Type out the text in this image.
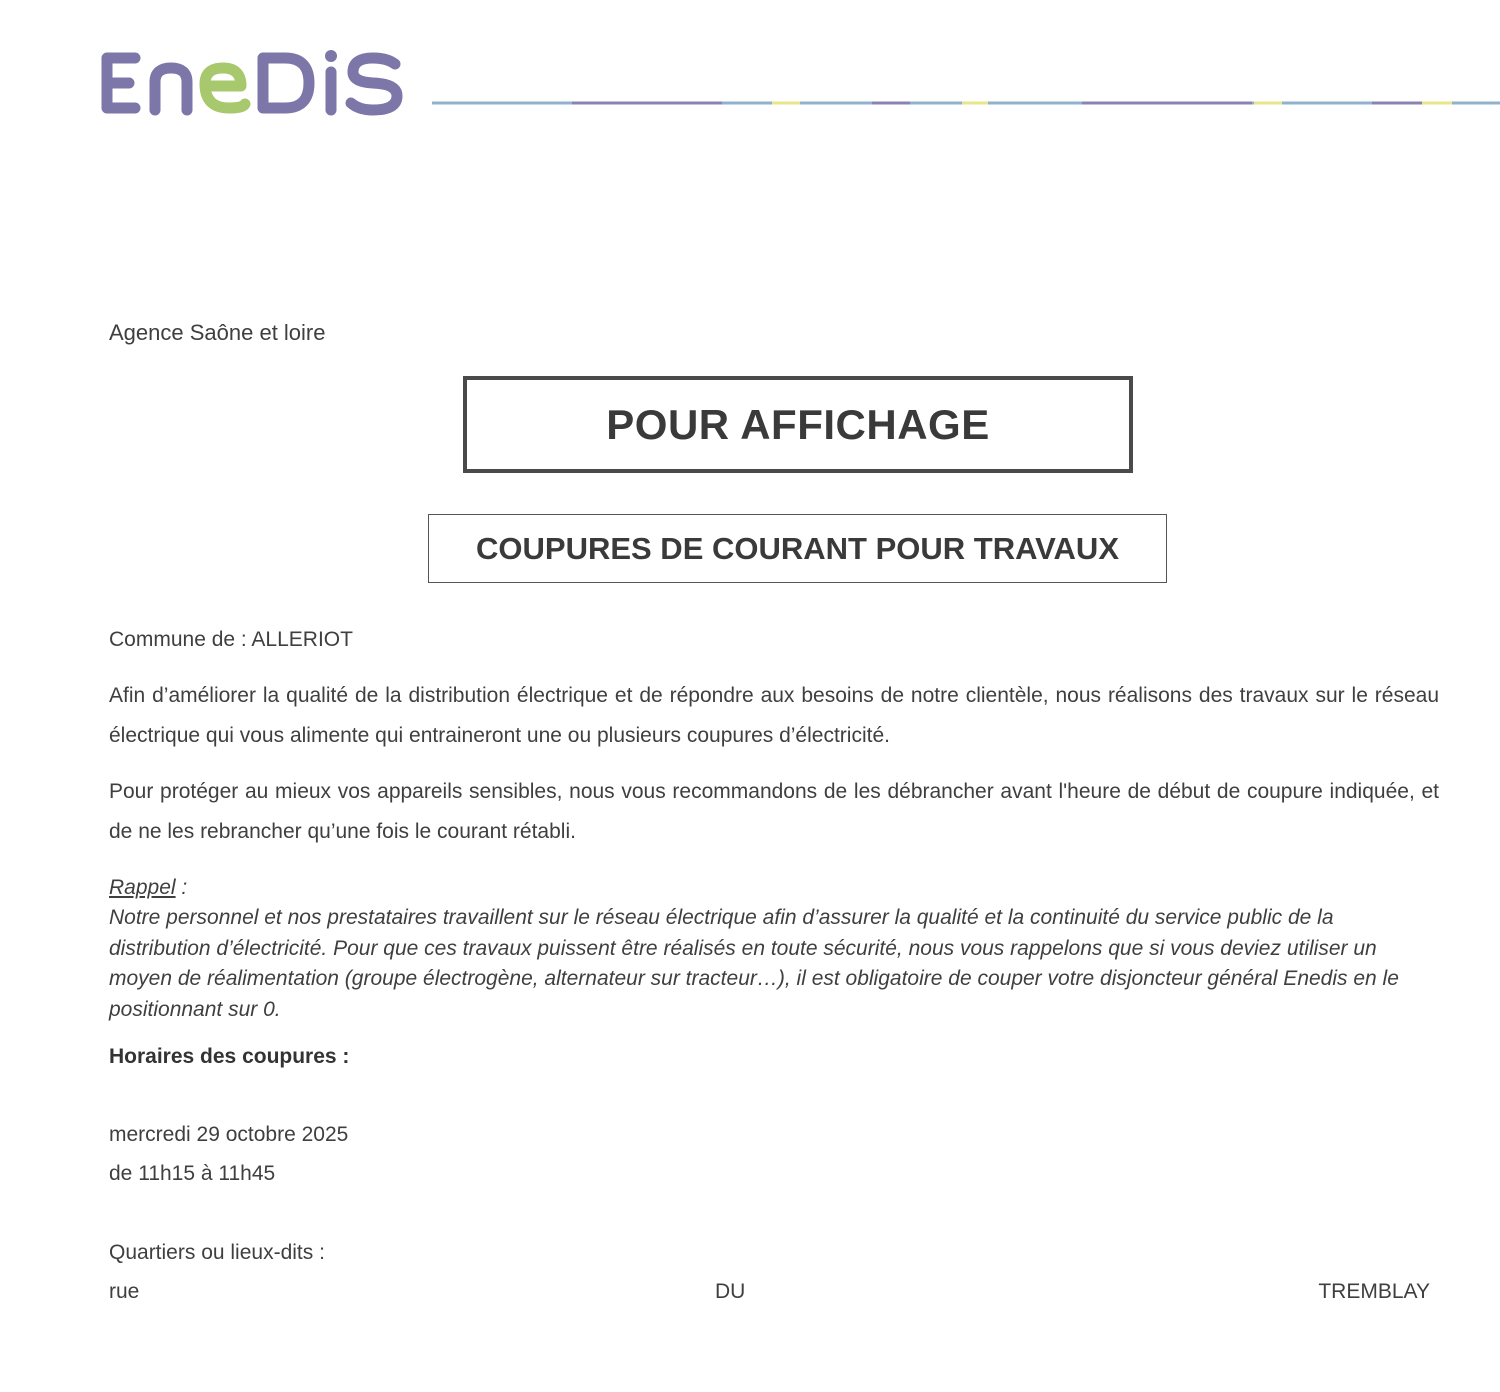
Agence Saône et loire
POUR AFFICHAGE
COUPURES DE COURANT POUR TRAVAUX
Commune de : ALLERIOT
Afin d’améliorer la qualité de la distribution électrique et de répondre aux besoins de notre clientèle, nous réalisons des travaux sur le réseau électrique qui vous alimente qui entraineront une ou plusieurs coupures d’électricité.
Pour protéger au mieux vos appareils sensibles, nous vous recommandons de les débrancher avant l'heure de début de coupure indiquée, et de ne les rebrancher qu’une fois le courant rétabli.
Rappel :
Notre personnel et nos prestataires travaillent sur le réseau électrique afin d’assurer la qualité et la continuité du service public de la distribution d’électricité. Pour que ces travaux puissent être réalisés en toute sécurité, nous vous rappelons que si vous deviez utiliser un moyen de réalimentation (groupe électrogène, alternateur sur tracteur…), il est obligatoire de couper votre disjoncteur général Enedis en le positionnant sur 0.
Horaires des coupures :
mercredi 29 octobre 2025
de 11h15 à 11h45
Quartiers ou lieux-dits :
rue	DU	TREMBLAY
